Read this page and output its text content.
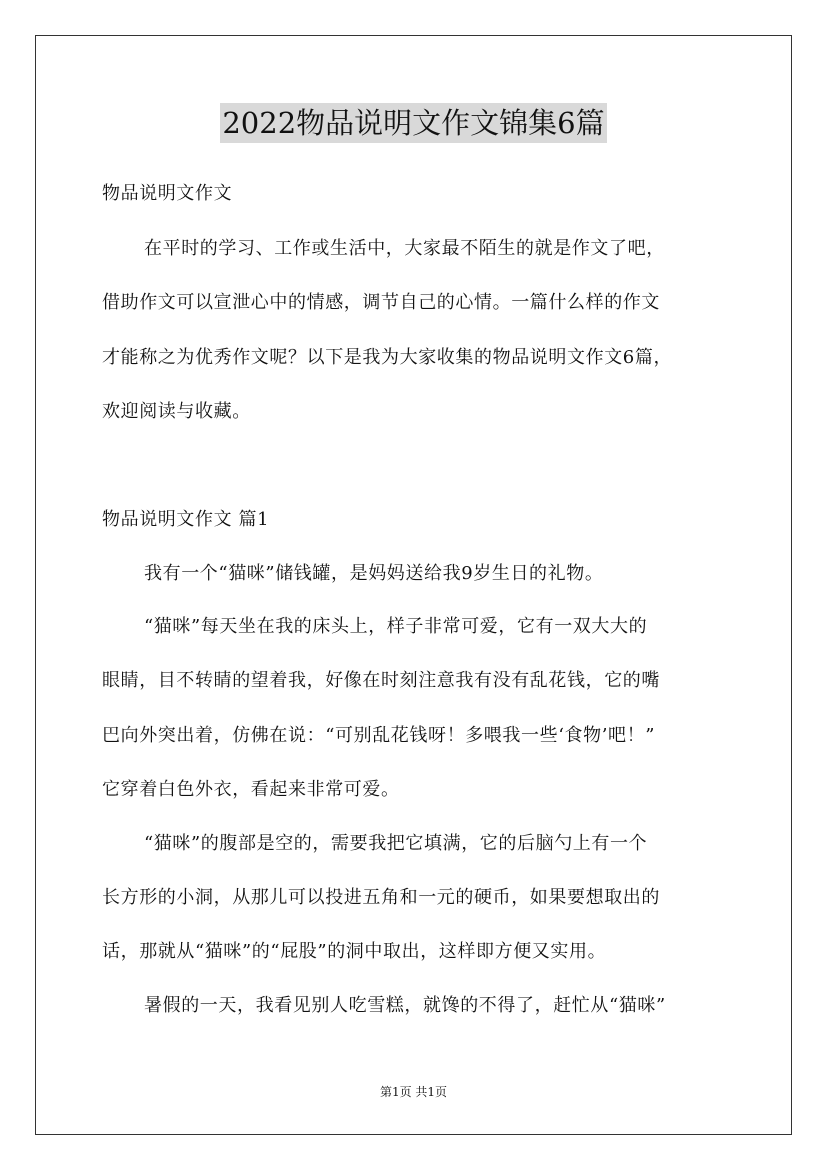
2022物品说明文作文锦集6篇
物品说明文作文
在平时的学习、工作或生活中，大家最不陌生的就是作文了吧，
借助作文可以宣泄心中的情感，调节自己的心情。一篇什么样的作文
才能称之为优秀作文呢？以下是我为大家收集的物品说明文作文6篇，
欢迎阅读与收藏。
物品说明文作文 篇1
我有一个“猫咪”储钱罐，是妈妈送给我9岁生日的礼物。
“猫咪”每天坐在我的床头上，样子非常可爱，它有一双大大的
眼睛，目不转睛的望着我，好像在时刻注意我有没有乱花钱，它的嘴
巴向外突出着，仿佛在说：“可别乱花钱呀！多喂我一些‘食物’吧！”
它穿着白色外衣，看起来非常可爱。
“猫咪”的腹部是空的，需要我把它填满，它的后脑勺上有一个
长方形的小洞，从那儿可以投进五角和一元的硬币，如果要想取出的
话，那就从“猫咪”的“屁股”的洞中取出，这样即方便又实用。
暑假的一天，我看见别人吃雪糕，就馋的不得了，赶忙从“猫咪”
第1页 共1页
